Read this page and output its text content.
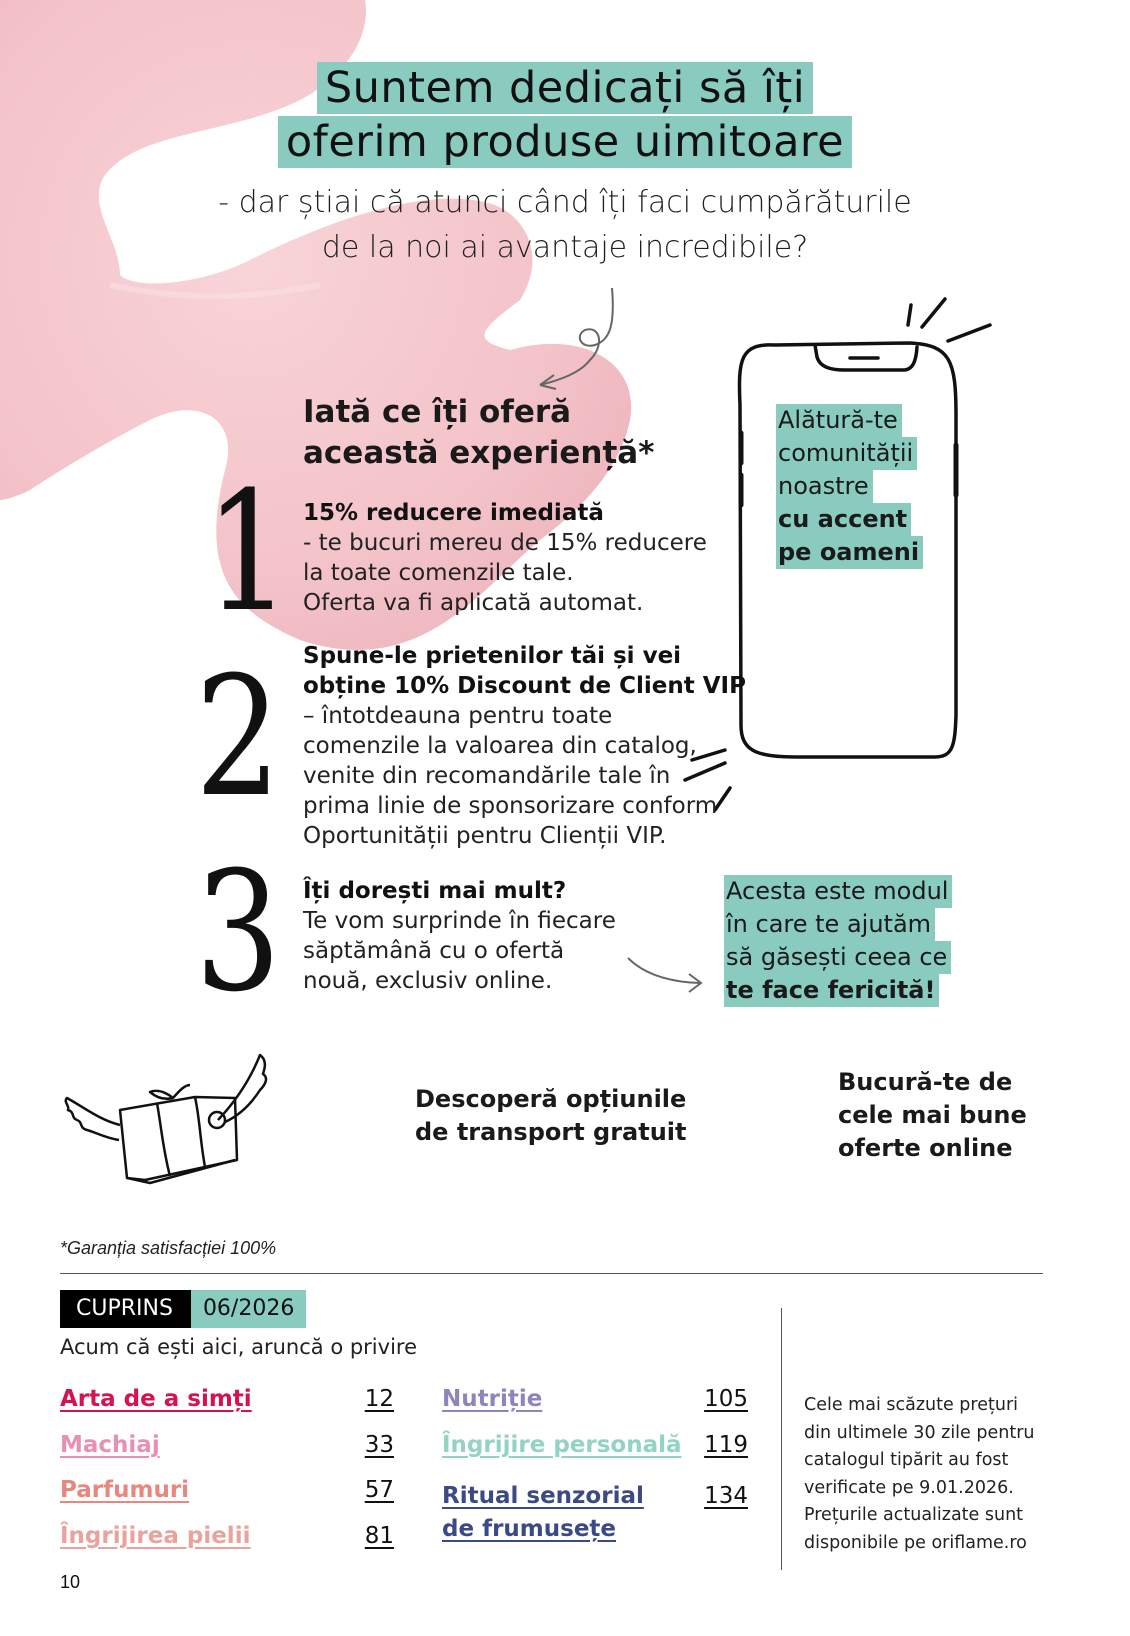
Suntem dedicați să îți
oferim produse uimitoare
- dar știai că atunci când îți faci cumpărăturile
de la noi ai avantaje incredibile?
Iată ce îți oferă
această experiență*
1 15% reducere imediată
- te bucuri mereu de 15% reducere
la toate comenzile tale.
Oferta va fi aplicată automat.
2 Spune-le prietenilor tăi și vei
obține 10% Discount de Client VIP
– întotdeauna pentru toate
comenzile la valoarea din catalog,
venite din recomandările tale în
prima linie de sponsorizare conform
Oportunității pentru Clienții VIP.
3 Îți dorești mai mult?
Te vom surprinde în fiecare
săptămână cu o ofertă
nouă, exclusiv online.
Alătură-te
comunității
noastre
cu accent
pe oameni
Acesta este modul
în care te ajutăm
să găsești ceea ce
te face fericită!
Descoperă opțiunile
de transport gratuit
Bucură-te de
cele mai bune
oferte online
*Garanția satisfacției 100%
CUPRINS	06/2026
Acum că ești aici, aruncă o privire
Arta de a simți	12
Machiaj	33
Parfumuri	57
Îngrijirea pielii	81
Nutriție	105
Îngrijire personală 119
Ritual senzorial
de frumusețe
134
Cele mai scăzute prețuri
din ultimele 30 zile pentru
catalogul tipărit au fost
verificate pe 9.01.2026.
Prețurile actualizate sunt
disponibile pe oriflame.ro
10
